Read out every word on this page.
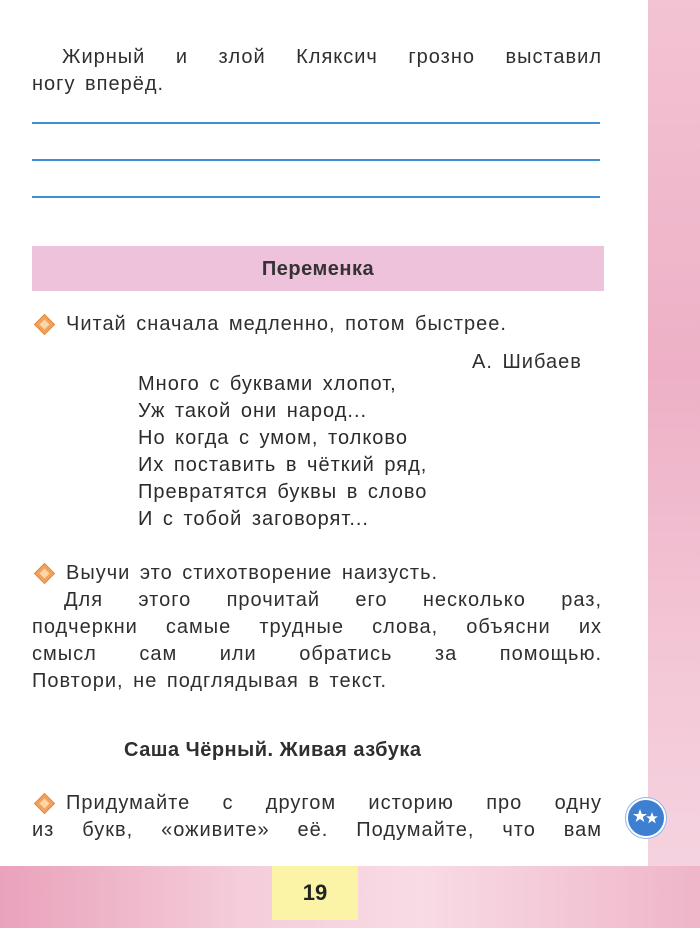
Жирный и злой Кляксич грозно выставил
ногу вперёд.
Переменка
Читай сначала медленно, потом быстрее.
А. Шибаев
Много с буквами хлопот,
Уж такой они народ...
Но когда с умом, толково
Их поставить в чёткий ряд,
Превратятся буквы в слово
И с тобой заговорят...
Выучи это стихотворение наизусть.
Для этого прочитай его несколько раз,
подчеркни самые трудные слова, объясни их
смысл сам или обратись за помощью.
Повтори, не подглядывая в текст.
Саша Чёрный. Живая азбука
Придумайте с другом историю про одну
из букв, «оживите» её. Подумайте, что вам
19
